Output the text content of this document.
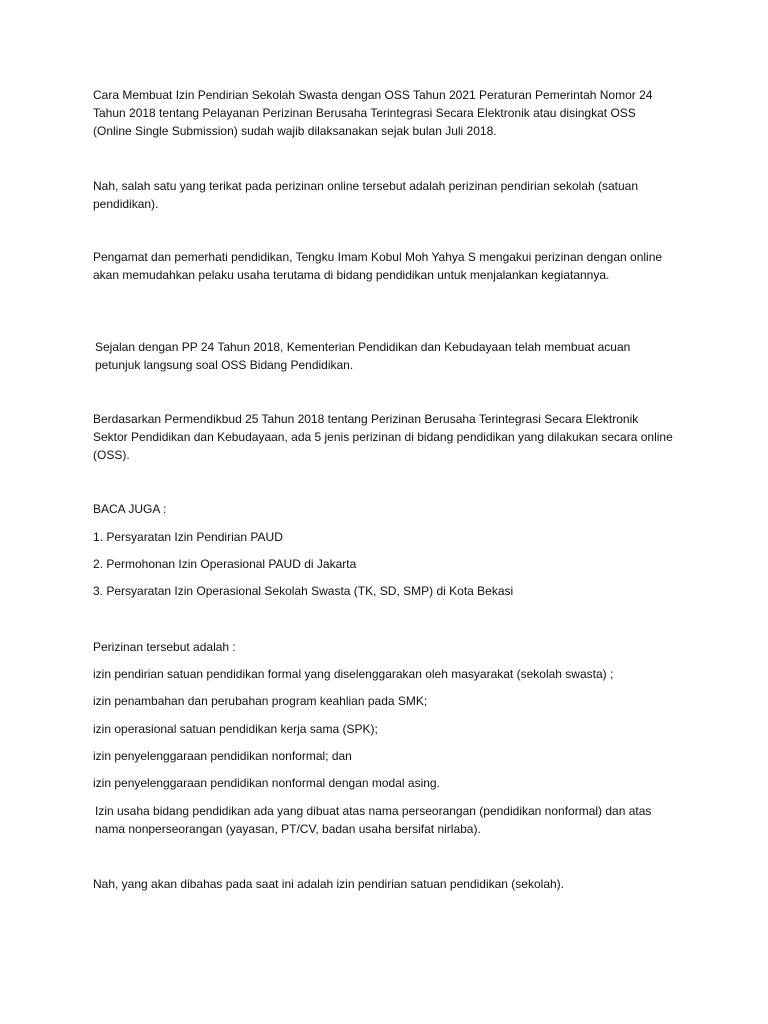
Cara Membuat Izin Pendirian Sekolah Swasta dengan OSS Tahun 2021 Peraturan Pemerintah Nomor 24 Tahun 2018 tentang Pelayanan Perizinan Berusaha Terintegrasi Secara Elektronik atau disingkat OSS (Online Single Submission) sudah wajib dilaksanakan sejak bulan Juli 2018.

Nah, salah satu yang terikat pada perizinan online tersebut adalah perizinan pendirian sekolah (satuan pendidikan).

Pengamat dan pemerhati pendidikan, Tengku Imam Kobul Moh Yahya S mengakui perizinan dengan online akan memudahkan pelaku usaha terutama di bidang pendidikan untuk menjalankan kegiatannya.

Sejalan dengan PP 24 Tahun 2018, Kementerian Pendidikan dan Kebudayaan telah membuat acuan petunjuk langsung soal OSS Bidang Pendidikan.

Berdasarkan Permendikbud 25 Tahun 2018 tentang Perizinan Berusaha Terintegrasi Secara Elektronik Sektor Pendidikan dan Kebudayaan, ada 5 jenis perizinan di bidang pendidikan yang dilakukan secara online (OSS).

BACA JUGA :

1. Persyaratan Izin Pendirian PAUD

2. Permohonan Izin Operasional PAUD di Jakarta

3. Persyaratan Izin Operasional Sekolah Swasta (TK, SD, SMP) di Kota Bekasi

Perizinan tersebut adalah :

izin pendirian satuan pendidikan formal yang diselenggarakan oleh masyarakat (sekolah swasta) ;

izin penambahan dan perubahan program keahlian pada SMK;

izin operasional satuan pendidikan kerja sama (SPK);

izin penyelenggaraan pendidikan nonformal; dan

izin penyelenggaraan pendidikan nonformal dengan modal asing.

Izin usaha bidang pendidikan ada yang dibuat atas nama perseorangan (pendidikan nonformal) dan atas nama nonperseorangan (yayasan, PT/CV, badan usaha bersifat nirlaba).

Nah, yang akan dibahas pada saat ini adalah izin pendirian satuan pendidikan (sekolah).
